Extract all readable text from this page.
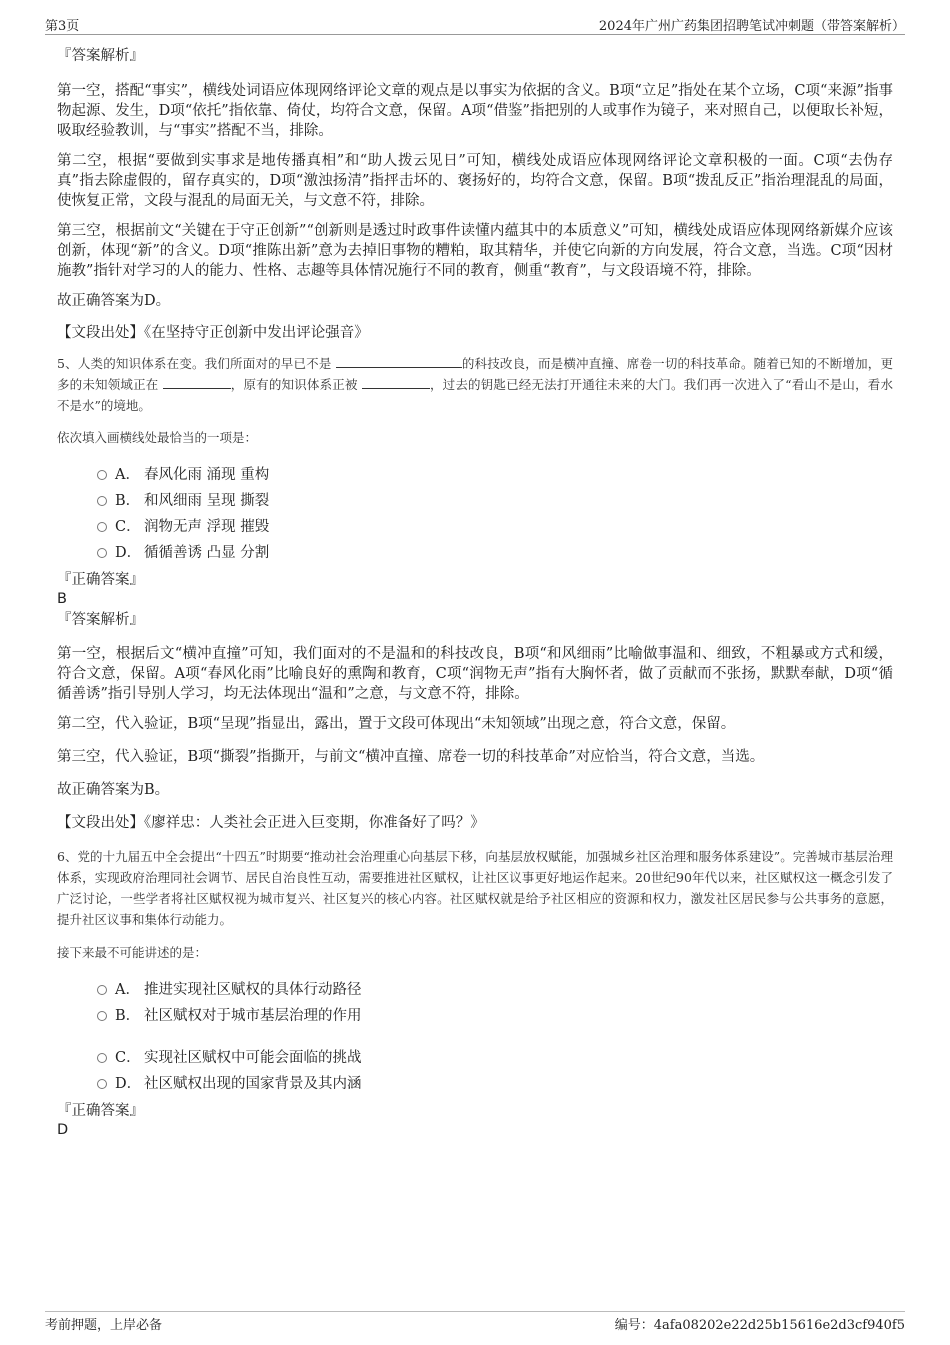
第3页	2024年广州广药集团招聘笔试冲刺题（带答案解析）

『答案解析』

第一空，搭配“事实”，横线处词语应体现网络评论文章的观点是以事实为依据的含义。B项“立足”指处在某个立场，C项“来源”指事物起源、发生，D项“依托”指依靠、倚仗，均符合文意，保留。A项“借鉴”指把别的人或事作为镜子，来对照自己，以便取长补短，吸取经验教训，与“事实”搭配不当，排除。

第二空，根据“要做到实事求是地传播真相”和“助人拨云见日”可知，横线处成语应体现网络评论文章积极的一面。C项“去伪存真”指去除虚假的，留存真实的，D项“激浊扬清”指抨击坏的、褒扬好的，均符合文意，保留。B项“拨乱反正”指治理混乱的局面，使恢复正常，文段与混乱的局面无关，与文意不符，排除。

第三空，根据前文“关键在于守正创新”“创新则是透过时政事件读懂内蕴其中的本质意义”可知，横线处成语应体现网络新媒介应该创新，体现“新”的含义。D项“推陈出新”意为去掉旧事物的糟粕，取其精华，并使它向新的方向发展，符合文意，当选。C项“因材施教”指针对学习的人的能力、性格、志趣等具体情况施行不同的教育，侧重“教育”，与文段语境不符，排除。

故正确答案为D。

【文段出处】《在坚持守正创新中发出评论强音》

5、人类的知识体系在变。我们所面对的早已不是	的科技改良，而是横冲直撞、席卷一切的科技革命。随着已知的不断增加，更多的未知领域正在	，原有的知识体系正被	，过去的钥匙已经无法打开通往未来的大门。我们再一次进入了“看山不是山，看水不是水”的境地。

依次填入画横线处最恰当的一项是：

A． 春风化雨 涌现 重构
B． 和风细雨 呈现 撕裂
C． 润物无声 浮现 摧毁
D． 循循善诱 凸显 分割

『正确答案』

B

『答案解析』

第一空，根据后文“横冲直撞”可知，我们面对的不是温和的科技改良，B项“和风细雨”比喻做事温和、细致，不粗暴或方式和缓，符合文意，保留。A项“春风化雨”比喻良好的熏陶和教育，C项“润物无声”指有大胸怀者，做了贡献而不张扬，默默奉献，D项“循循善诱”指引导别人学习，均无法体现出“温和”之意，与文意不符，排除。

第二空，代入验证，B项“呈现”指显出，露出，置于文段可体现出“未知领域”出现之意，符合文意，保留。

第三空，代入验证，B项“撕裂”指撕开，与前文“横冲直撞、席卷一切的科技革命”对应恰当，符合文意，当选。

故正确答案为B。

【文段出处】《廖祥忠：人类社会正进入巨变期，你准备好了吗？》

6、党的十九届五中全会提出“十四五”时期要“推动社会治理重心向基层下移，向基层放权赋能，加强城乡社区治理和服务体系建设”。完善城市基层治理体系，实现政府治理同社会调节、居民自治良性互动，需要推进社区赋权，让社区议事更好地运作起来。20世纪90年代以来，社区赋权这一概念引发了广泛讨论，一些学者将社区赋权视为城市复兴、社区复兴的核心内容。社区赋权就是给予社区相应的资源和权力，激发社区居民参与公共事务的意愿，提升社区议事和集体行动能力。

接下来最不可能讲述的是：

A． 推进实现社区赋权的具体行动路径
B． 社区赋权对于城市基层治理的作用
C． 实现社区赋权中可能会面临的挑战
D． 社区赋权出现的国家背景及其内涵

『正确答案』

D

考前押题，上岸必备	编号：4afa08202e22d25b15616e2d3cf940f5
